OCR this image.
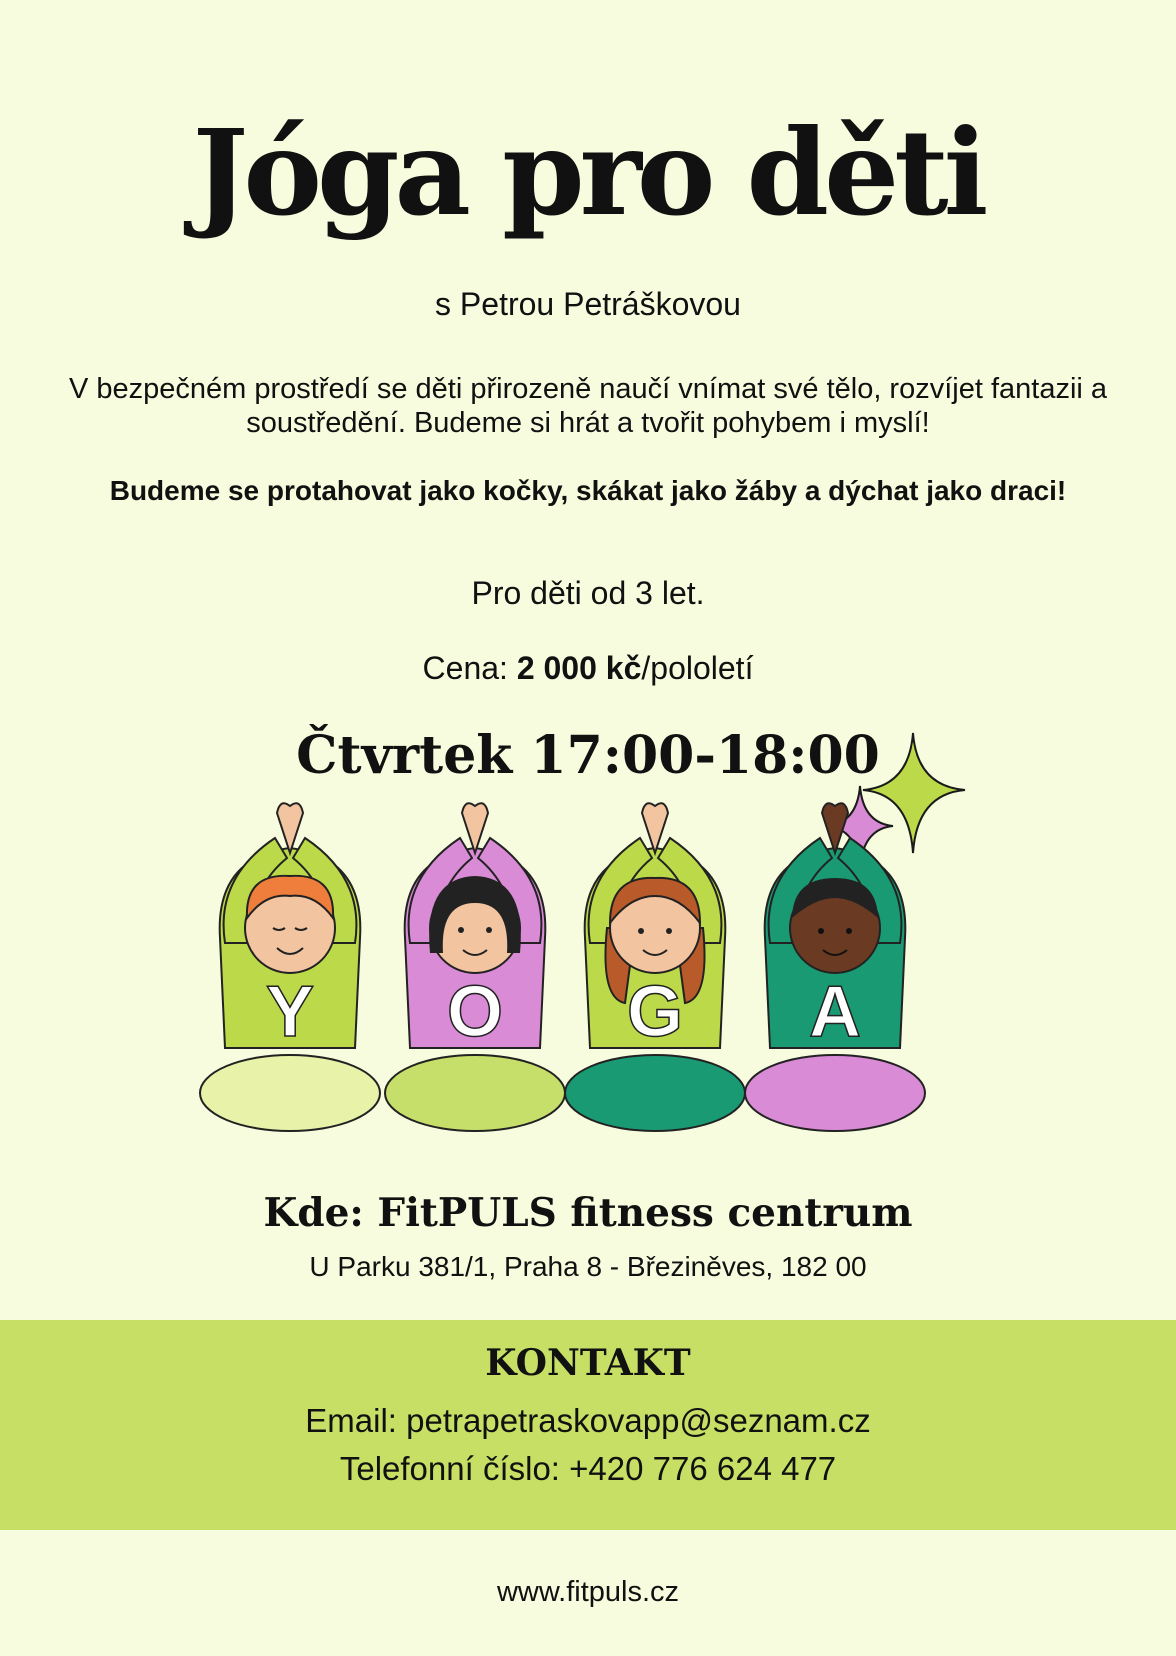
Jóga pro děti
s Petrou Petráškovou
V bezpečném prostředí se děti přirozeně naučí vnímat své tělo, rozvíjet fantazii a soustředění. Budeme si hrát a tvořit pohybem i myslí!
Budeme se protahovat jako kočky, skákat jako žáby a dýchat jako draci!
Pro děti od 3 let.
Cena: 2 000 kč/pololetí
Čtvrtek 17:00-18:00
Y O G A
Kde: FitPULS fitness centrum
U Parku 381/1, Praha 8 - Březiněves, 182 00
KONTAKT
Email: petrapetraskovapp@seznam.cz
Telefonní číslo: +420 776 624 477
www.fitpuls.cz
